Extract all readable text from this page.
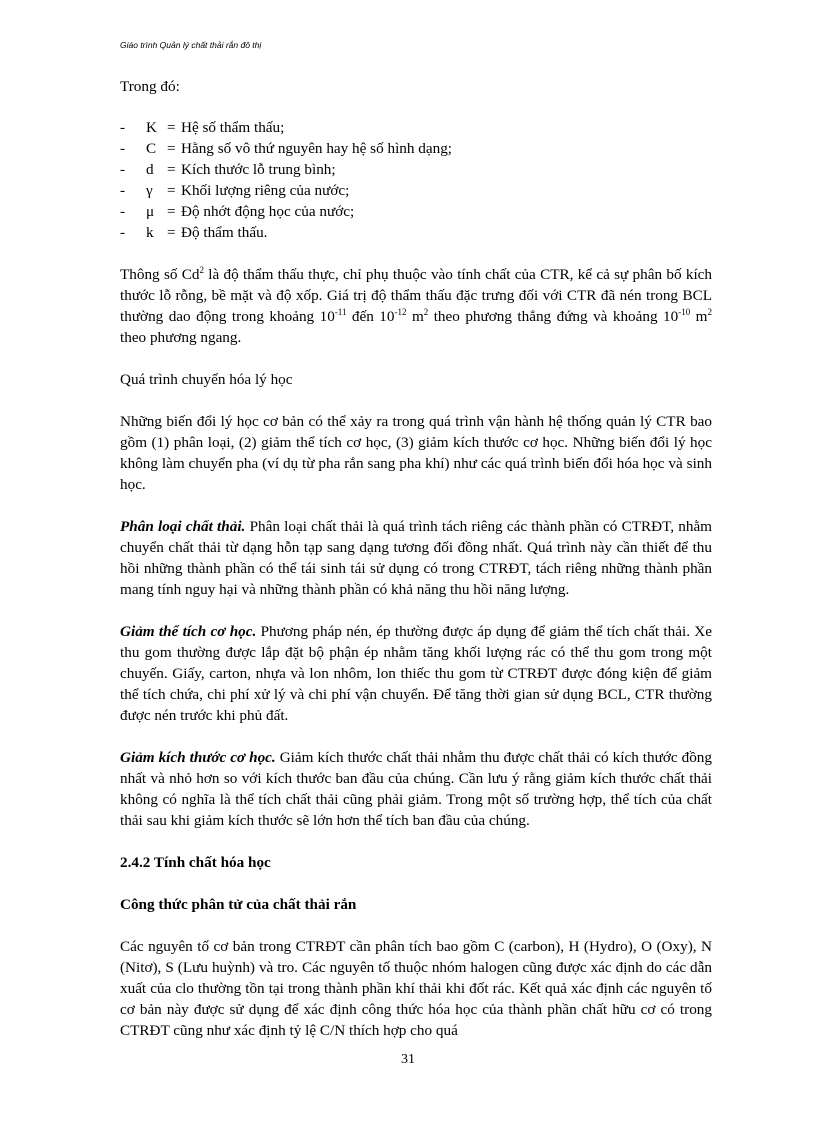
Giáo trình Quản lý chất thải rắn đô thị

Trong đó:

- K = Hệ số thẩm thấu;
- C = Hằng số vô thứ nguyên hay hệ số hình dạng;
- d = Kích thước lỗ trung bình;
- γ = Khối lượng riêng của nước;
- μ = Độ nhớt động học của nước;
- k = Độ thẩm thấu.

Thông số Cd$^2$ là độ thẩm thấu thực, chỉ phụ thuộc vào tính chất của CTR, kể cả sự phân bố kích thước lỗ rỗng, bề mặt và độ xốp. Giá trị độ thẩm thấu đặc trưng đối với CTR đã nén trong BCL thường dao động trong khoảng $10^{-11}$ đến $10^{-12}$ $m^2$ theo phương thẳng đứng và khoảng $10^{-10}$ $m^2$ theo phương ngang.

Quá trình chuyển hóa lý học

Những biến đổi lý học cơ bản có thể xảy ra trong quá trình vận hành hệ thống quản lý CTR bao gồm (1) phân loại, (2) giảm thể tích cơ học, (3) giảm kích thước cơ học. Những biến đổi lý học không làm chuyển pha (ví dụ từ pha rắn sang pha khí) như các quá trình biến đổi hóa học và sinh học.

Phân loại chất thải. Phân loại chất thải là quá trình tách riêng các thành phần có CTRĐT, nhằm chuyển chất thải từ dạng hỗn tạp sang dạng tương đối đồng nhất. Quá trình này cần thiết để thu hồi những thành phần có thể tái sinh tái sử dụng có trong CTRĐT, tách riêng những thành phần mang tính nguy hại và những thành phần có khả năng thu hồi năng lượng.

Giảm thể tích cơ học. Phương pháp nén, ép thường được áp dụng để giảm thể tích chất thải. Xe thu gom thường được lắp đặt bộ phận ép nhằm tăng khối lượng rác có thể thu gom trong một chuyến. Giấy, carton, nhựa và lon nhôm, lon thiếc thu gom từ CTRĐT được đóng kiện để giảm thể tích chứa, chi phí xử lý và chi phí vận chuyển. Để tăng thời gian sử dụng BCL, CTR thường được nén trước khi phủ đất.

Giảm kích thước cơ học. Giảm kích thước chất thải nhằm thu được chất thải có kích thước đồng nhất và nhỏ hơn so với kích thước ban đầu của chúng. Cần lưu ý rằng giảm kích thước chất thải không có nghĩa là thể tích chất thải cũng phải giảm. Trong một số trường hợp, thể tích của chất thải sau khi giảm kích thước sẽ lớn hơn thể tích ban đầu của chúng.

2.4.2 Tính chất hóa học
Công thức phân tử của chất thải rắn

Các nguyên tố cơ bản trong CTRĐT cần phân tích bao gồm C (carbon), H (Hydro), O (Oxy), N (Nitơ), S (Lưu huỳnh) và tro. Các nguyên tố thuộc nhóm halogen cũng được xác định do các dẫn xuất của clo thường tồn tại trong thành phần khí thải khi đốt rác. Kết quả xác định các nguyên tố cơ bản này được sử dụng để xác định công thức hóa học của thành phần chất hữu cơ có trong CTRĐT cũng như xác định tỷ lệ C/N thích hợp cho quá

31
